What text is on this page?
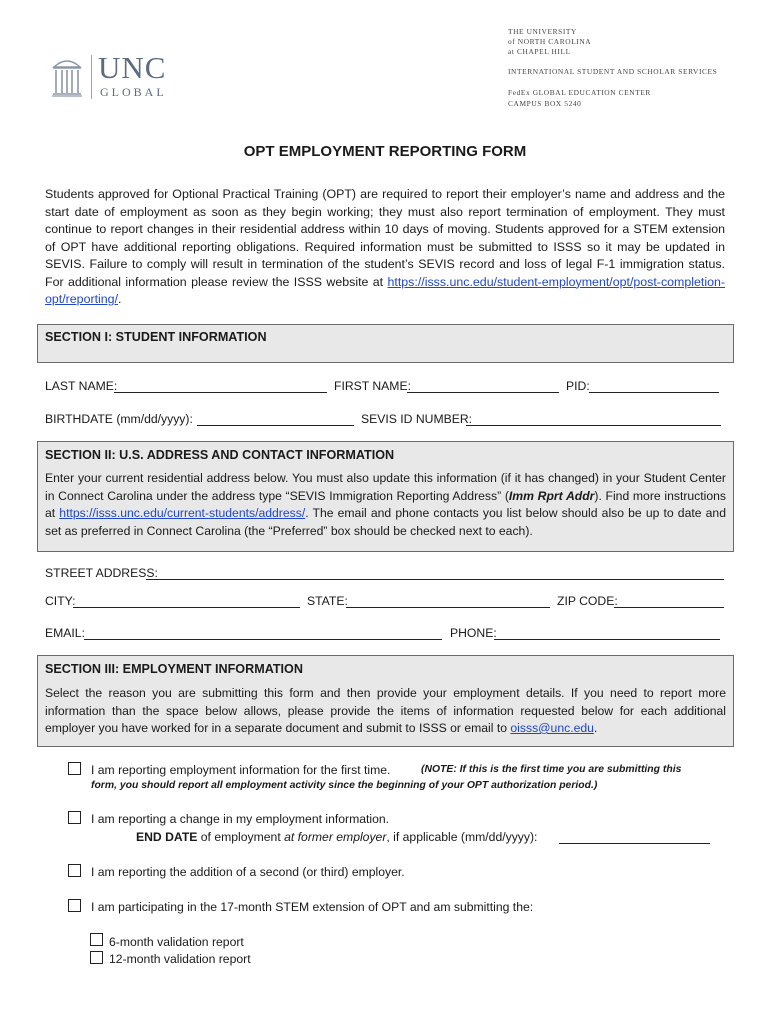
UNC
GLOBAL
THE UNIVERSITY
of NORTH CAROLINA
at CHAPEL HILL
INTERNATIONAL STUDENT AND SCHOLAR SERVICES
FedEx GLOBAL EDUCATION CENTER
CAMPUS BOX 5240
OPT EMPLOYMENT REPORTING FORM
Students approved for Optional Practical Training (OPT) are required to report their employer’s name and address and the start date of employment as soon as they begin working; they must also report termination of employment. They must continue to report changes in their residential address within 10 days of moving. Students approved for a STEM extension of OPT have additional reporting obligations. Required information must be submitted to ISSS so it may be updated in SEVIS. Failure to comply will result in termination of the student’s SEVIS record and loss of legal F-1 immigration status. For additional information please review the ISSS website at https://isss.unc.edu/student-employment/opt/post-completion-opt/reporting/.
SECTION I: STUDENT INFORMATION
LAST NAME:	FIRST NAME:	PID:
BIRTHDATE (mm/dd/yyyy):	SEVIS ID NUMBER:
SECTION II: U.S. ADDRESS AND CONTACT INFORMATION
Enter your current residential address below. You must also update this information (if it has changed) in your Student Center in Connect Carolina under the address type “SEVIS Immigration Reporting Address” (Imm Rprt Addr). Find more instructions at https://isss.unc.edu/current-students/address/. The email and phone contacts you list below should also be up to date and set as preferred in Connect Carolina (the “Preferred” box should be checked next to each).
STREET ADDRESS:
CITY:	STATE:	ZIP CODE:
EMAIL:	PHONE:
SECTION III: EMPLOYMENT INFORMATION
Select the reason you are submitting this form and then provide your employment details. If you need to report more information than the space below allows, please provide the items of information requested below for each additional employer you have worked for in a separate document and submit to ISSS or email to oisss@unc.edu.
I am reporting employment information for the first time.	(NOTE: If this is the first time you are submitting this
form, you should report all employment activity since the beginning of your OPT authorization period.)
I am reporting a change in my employment information.
END DATE of employment at former employer, if applicable (mm/dd/yyyy):
I am reporting the addition of a second (or third) employer.
I am participating in the 17-month STEM extension of OPT and am submitting the:
6-month validation report
12-month validation report
